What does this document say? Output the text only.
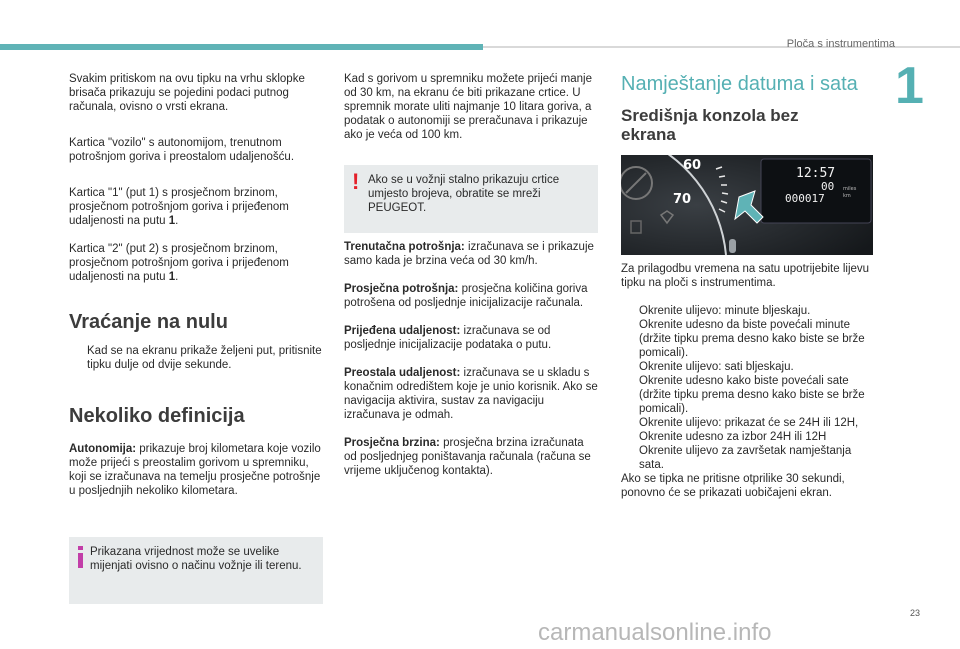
Ploča s instrumentima
1

Svakim pritiskom na ovu tipku na vrhu sklopke brisača prikazuju se pojedini podaci putnog računala, ovisno o vrsti ekrana.

Kartica "vozilo" s autonomijom, trenutnom potrošnjom goriva i preostalom udaljenošću.

Kartica "1" (put 1) s prosječnom brzinom, prosječnom potrošnjom goriva i prijeđenom udaljenosti na putu 1.

Kartica "2" (put 2) s prosječnom brzinom, prosječnom potrošnjom goriva i prijeđenom udaljenosti na putu 1.

Vraćanje na nulu
Kad se na ekranu prikaže željeni put, pritisnite tipku dulje od dvije sekunde.
Nekoliko definicija

Autonomija: prikazuje broj kilometara koje vozilo može prijeći s preostalim gorivom u spremniku, koji se izračunava na temelju prosječne potrošnje u posljednjih nekoliko kilometara.

Prikazana vrijednost može se uvelike mijenjati ovisno o načinu vožnje ili terenu.

Kad s gorivom u spremniku možete prijeći manje od 30 km, na ekranu će biti prikazane crtice. U spremnik morate uliti najmanje 10 litara goriva, a podatak o autonomiji se preračunava i prikazuje ako je veća od 100 km.

! Ako se u vožnji stalno prikazuju crtice umjesto brojeva, obratite se mreži PEUGEOT.

Trenutačna potrošnja: izračunava se i prikazuje samo kada je brzina veća od 30 km/h.

Prosječna potrošnja: prosječna količina goriva potrošena od posljednje inicijalizacije računala.

Prijeđena udaljenost: izračunava se od posljednje inicijalizacije podataka o putu.

Preostala udaljenost: izračunava se u skladu s konačnim odredištem koje je unio korisnik. Ako se navigacija aktivira, sustav za navigaciju izračunava je odmah.

Prosječna brzina: prosječna brzina izračunata od posljednjeg poništavanja računala (računa se vrijeme uključenog kontakta).

Namještanje datuma i sata
Središnja konzola bez ekrana
60
70
12:57
00 miles
km
000017

Za prilagodbu vremena na satu upotrijebite lijevu tipku na ploči s instrumentima.

Okrenite ulijevo: minute bljeskaju.
Okrenite udesno da biste povećali minute (držite tipku prema desno kako biste se brže pomicali).
Okrenite ulijevo: sati bljeskaju.
Okrenite udesno kako biste povećali sate (držite tipku prema desno kako biste se brže pomicali).
Okrenite ulijevo: prikazat će se 24H ili 12H,
Okrenite udesno za izbor 24H ili 12H
Okrenite ulijevo za završetak namještanja sata.

Ako se tipka ne pritisne otprilike 30 sekundi, ponovno će se prikazati uobičajeni ekran.

23
carmanualsonline.info
